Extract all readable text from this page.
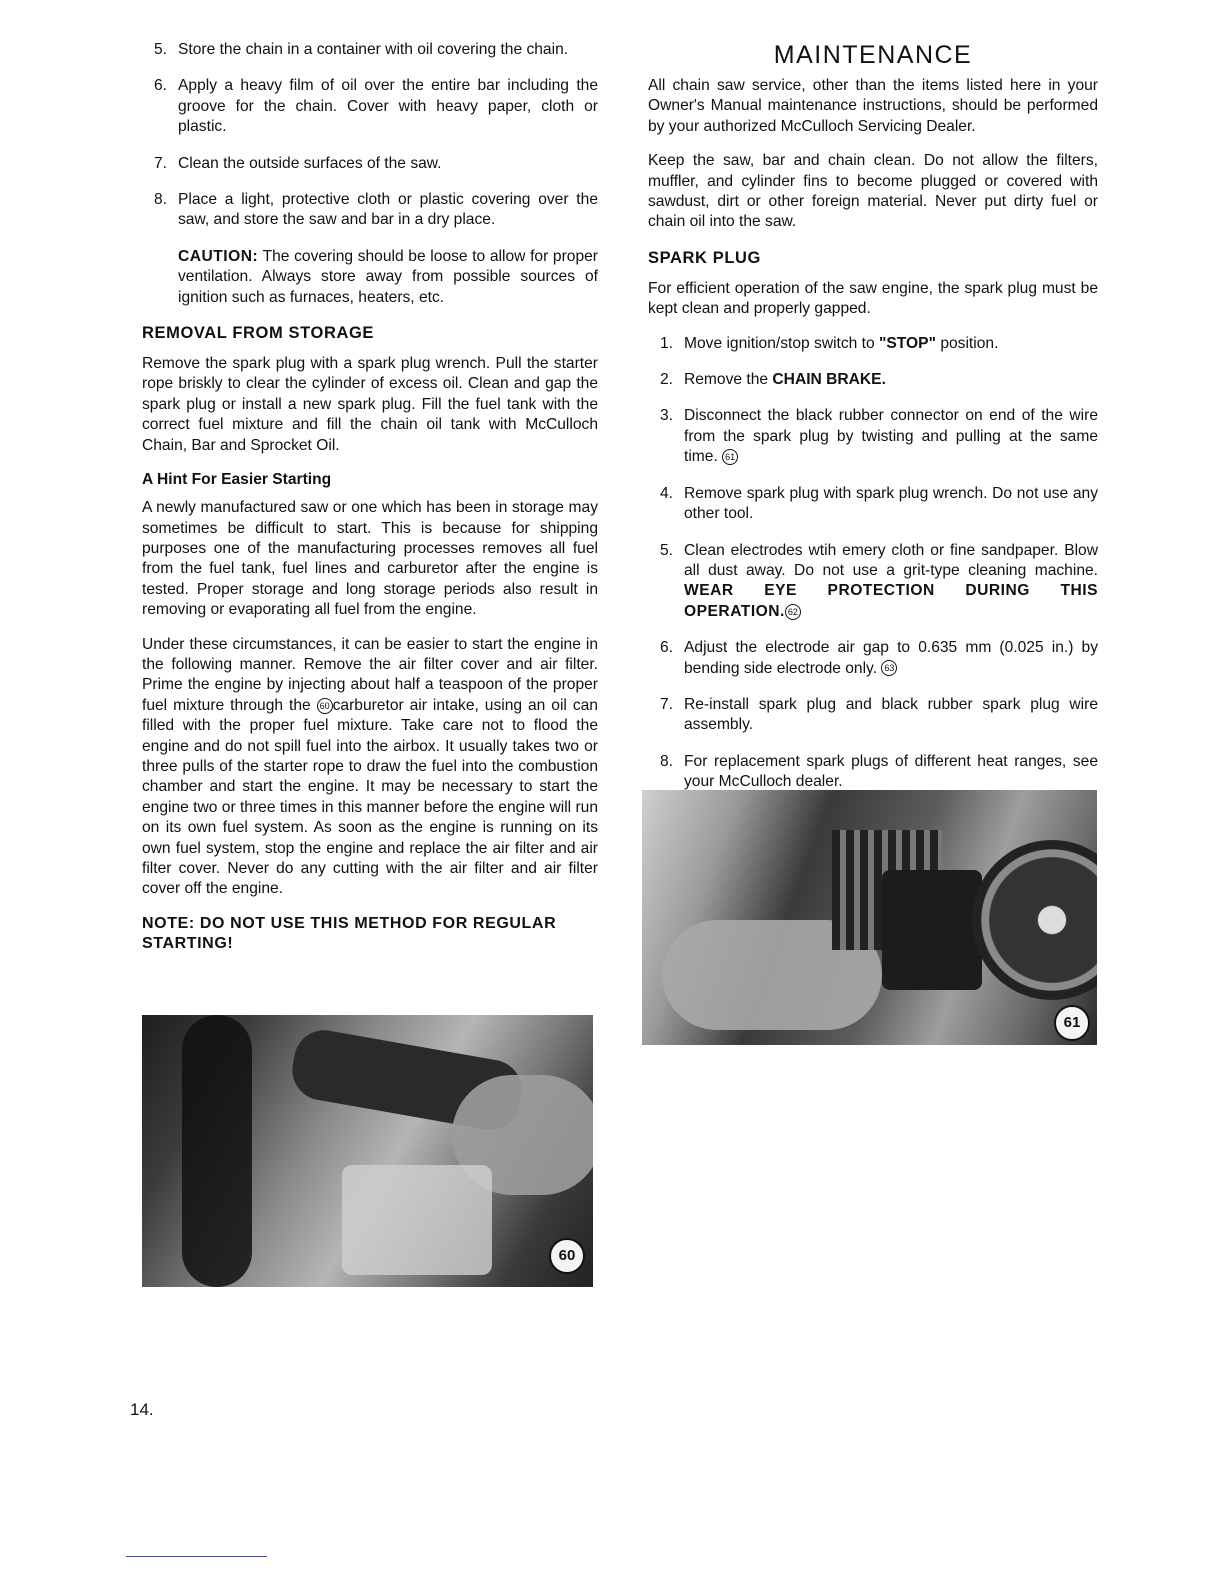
5. Store the chain in a container with oil covering the chain.
6. Apply a heavy film of oil over the entire bar including the groove for the chain. Cover with heavy paper, cloth or plastic.
7. Clean the outside surfaces of the saw.
8. Place a light, protective cloth or plastic covering over the saw, and store the saw and bar in a dry place.

CAUTION: The covering should be loose to allow for proper ventilation. Always store away from possible sources of ignition such as furnaces, heaters, etc.

REMOVAL FROM STORAGE

Remove the spark plug with a spark plug wrench. Pull the starter rope briskly to clear the cylinder of excess oil. Clean and gap the spark plug or install a new spark plug. Fill the fuel tank with the correct fuel mixture and fill the chain oil tank with McCulloch Chain, Bar and Sprocket Oil.

A Hint For Easier Starting

A newly manufactured saw or one which has been in storage may sometimes be difficult to start. This is because for shipping purposes one of the manufacturing processes removes all fuel from the fuel tank, fuel lines and carburetor after the engine is tested. Proper storage and long storage periods also result in removing or evaporating all fuel from the engine.

Under these circumstances, it can be easier to start the engine in the following manner. Remove the air filter cover and air filter. Prime the engine by injecting about half a teaspoon of the proper fuel mixture through the 60 carburetor air intake, using an oil can filled with the proper fuel mixture. Take care not to flood the engine and do not spill fuel into the airbox. It usually takes two or three pulls of the starter rope to draw the fuel into the combustion chamber and start the engine. It may be necessary to start the engine two or three times in this manner before the engine will run on its own fuel system. As soon as the engine is running on its own fuel system, stop the engine and replace the air filter and air filter cover. Never do any cutting with the air filter and air filter cover off the engine.

NOTE: DO NOT USE THIS METHOD FOR REGULAR STARTING!

60
MAINTENANCE

All chain saw service, other than the items listed here in your Owner's Manual maintenance instructions, should be performed by your authorized McCulloch Servicing Dealer.

Keep the saw, bar and chain clean. Do not allow the filters, muffler, and cylinder fins to become plugged or covered with sawdust, dirt or other foreign material. Never put dirty fuel or chain oil into the saw.

SPARK PLUG

For efficient operation of the saw engine, the spark plug must be kept clean and properly gapped.

1. Move ignition/stop switch to "STOP" position.
2. Remove the CHAIN BRAKE.
3. Disconnect the black rubber connector on end of the wire from the spark plug by twisting and pulling at the same time. 61
4. Remove spark plug with spark plug wrench. Do not use any other tool.
5. Clean electrodes wtih emery cloth or fine sandpaper. Blow all dust away. Do not use a grit-type cleaning machine. WEAR EYE PROTECTION DURING THIS OPERATION. 62
6. Adjust the electrode air gap to 0.635 mm (0.025 in.) by bending side electrode only. 63
7. Re-install spark plug and black rubber spark plug wire assembly.
8. For replacement spark plugs of different heat ranges, see your McCulloch dealer.
61
14.
